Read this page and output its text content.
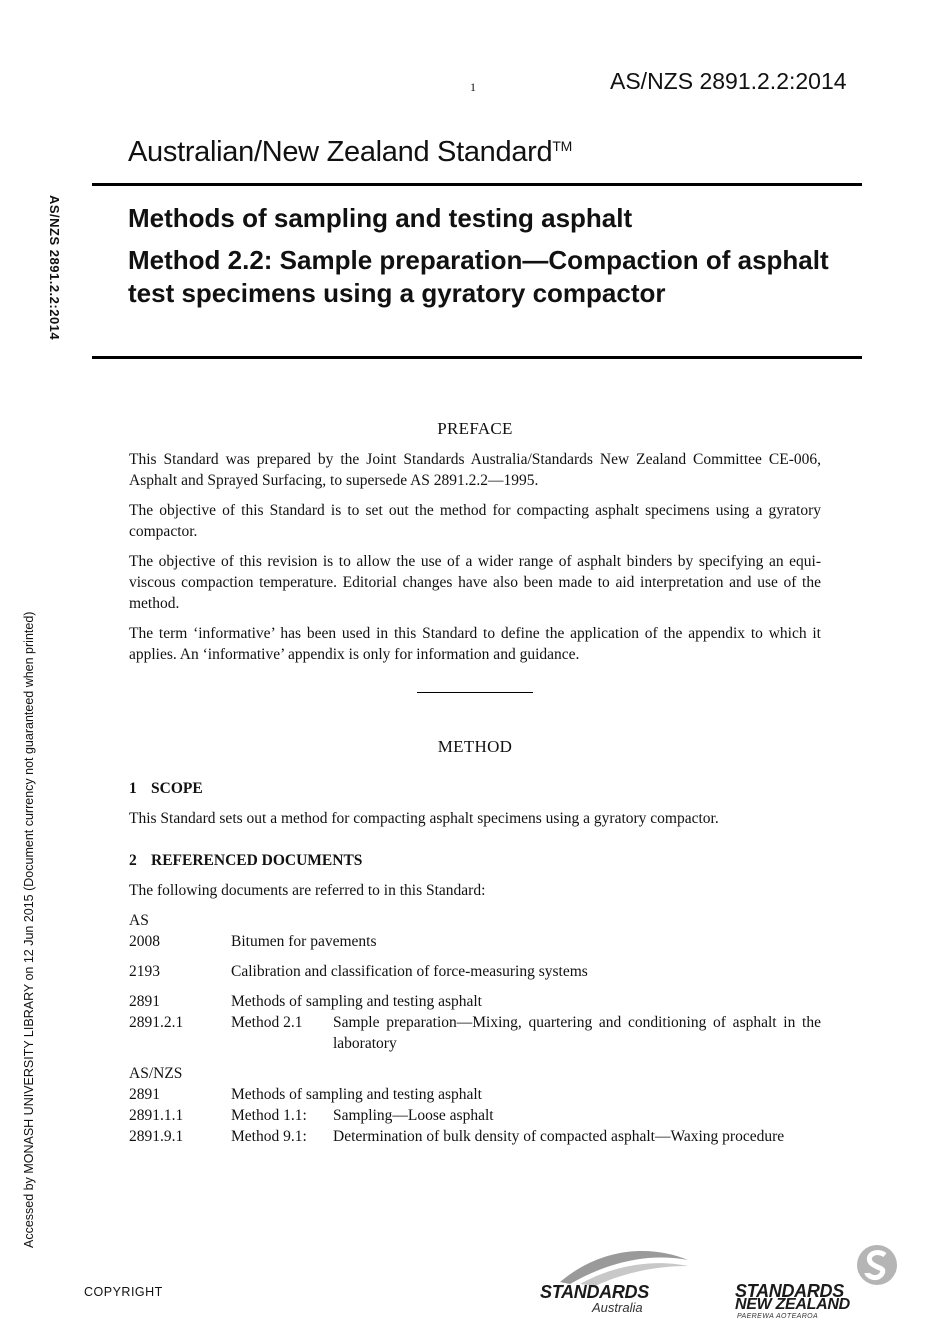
1	AS/NZS 2891.2.2:2014
Australian/New Zealand Standard™
Methods of sampling and testing asphalt
Method 2.2: Sample preparation—Compaction of asphalt test specimens using a gyratory compactor
AS/NZS 2891.2.2:2014
Accessed by MONASH UNIVERSITY LIBRARY on 12 Jun 2015 (Document currency not guaranteed when printed)
PREFACE

This Standard was prepared by the Joint Standards Australia/Standards New Zealand Committee CE-006, Asphalt and Sprayed Surfacing, to supersede AS 2891.2.2—1995.

The objective of this Standard is to set out the method for compacting asphalt specimens using a gyratory compactor.

The objective of this revision is to allow the use of a wider range of asphalt binders by specifying an equi-viscous compaction temperature. Editorial changes have also been made to aid interpretation and use of the method.

The term ‘informative’ has been used in this Standard to define the application of the appendix to which it applies. An ‘informative’ appendix is only for information and guidance.

METHOD
1 SCOPE

This Standard sets out a method for compacting asphalt specimens using a gyratory compactor.

2 REFERENCED DOCUMENTS

The following documents are referred to in this Standard:

AS
2008	Bitumen for pavements
2193	Calibration and classification of force-measuring systems
2891	Methods of sampling and testing asphalt
2891.2.1	Method 2.1	Sample preparation—Mixing, quartering and conditioning of asphalt in the laboratory
AS/NZS
2891	Methods of sampling and testing asphalt
2891.1.1	Method 1.1:	Sampling—Loose asphalt
2891.9.1	Method 9.1:	Determination of bulk density of compacted asphalt—Waxing procedure
COPYRIGHT	STANDARDS
Australia
STANDARDS
NEW ZEALAND
PAEREWA AOTEAROA
